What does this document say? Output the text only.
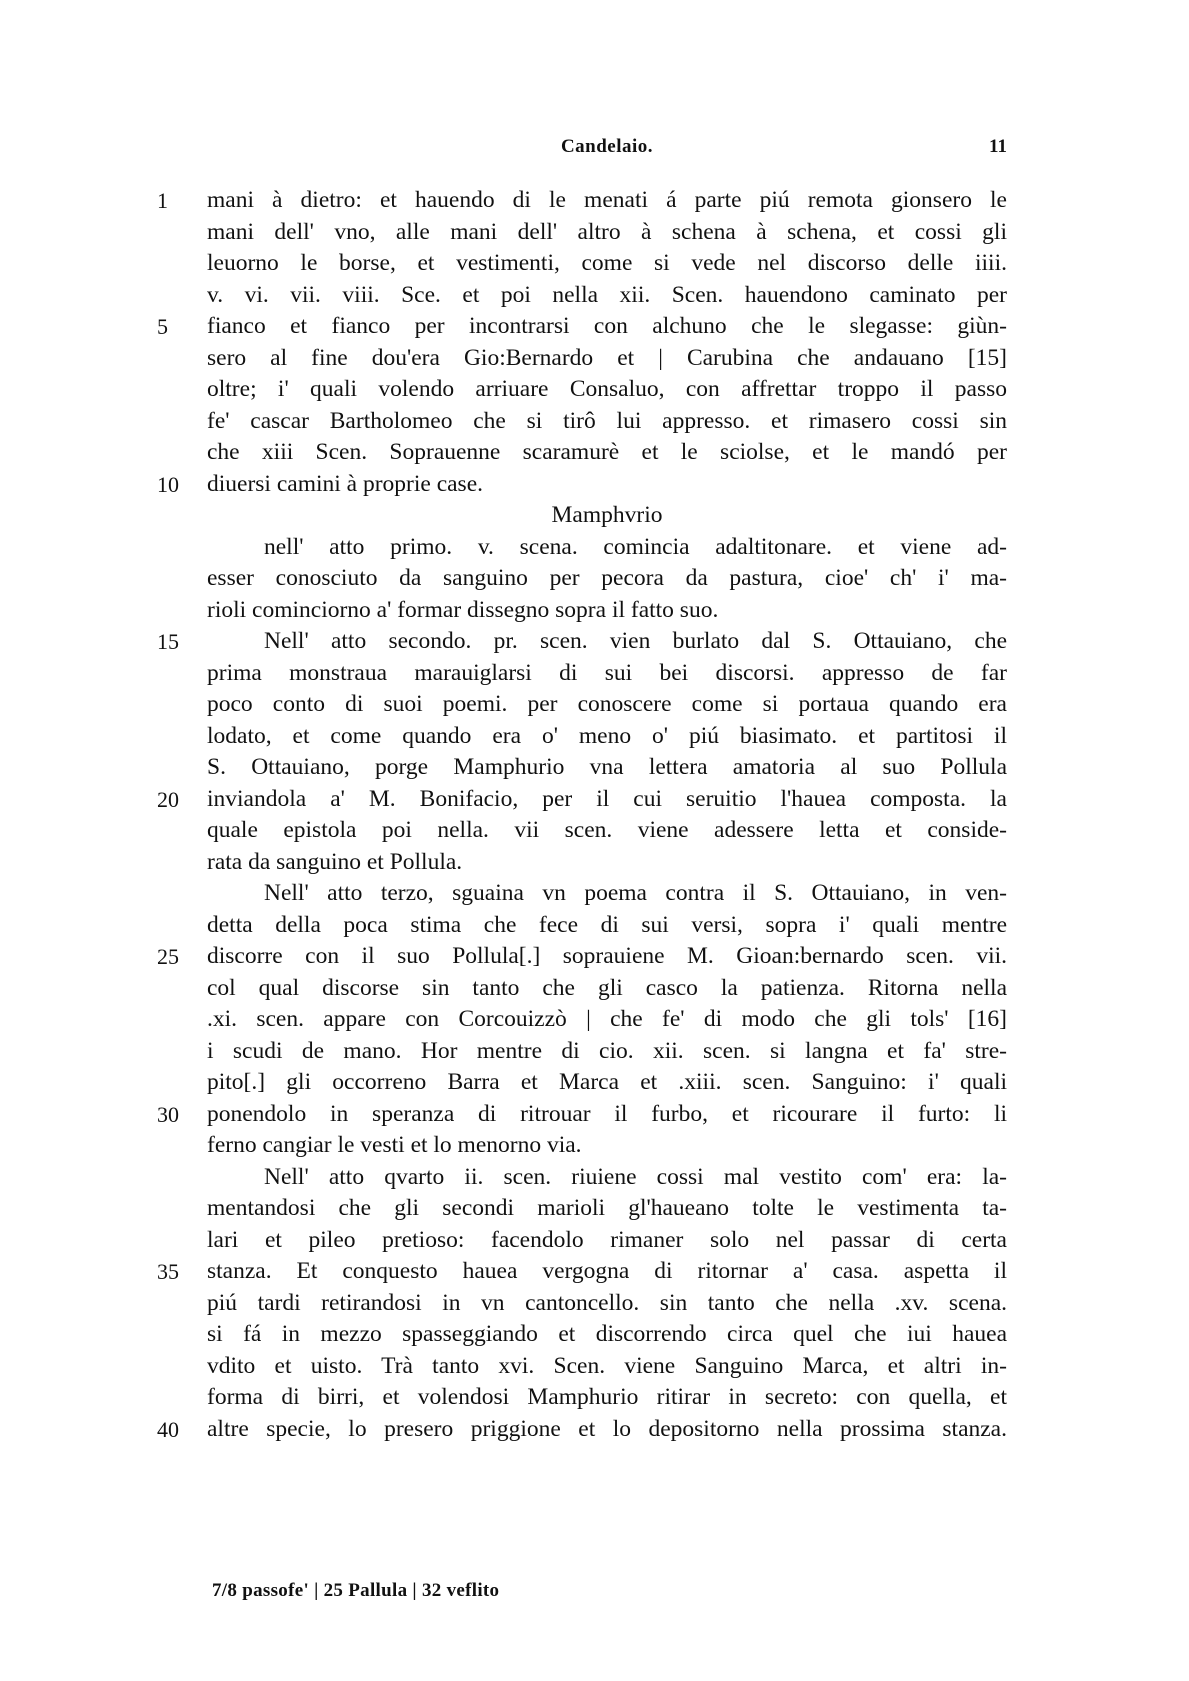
Candelaio.	11
1	mani à dietro: et hauendo di le menati á parte piú remota gionsero le
mani dell' vno, alle mani dell' altro à schena à schena, et cossi gli
leuorno le borse, et vestimenti, come si vede nel discorso delle iiii.
v. vi. vii. viii. Sce. et poi nella xii. Scen. hauendono caminato per
5	fianco et fianco per incontrarsi con alchuno che le slegasse: giùn-
sero al fine dou'era Gio:Bernardo et | Carubina che andauano [15]
oltre; i' quali volendo arriuare Consaluo, con affrettar troppo il passo
fe' cascar Bartholomeo che si tirô lui appresso. et rimasero cossi sin
che xiii Scen. Soprauenne scaramurè et le sciolse, et le mandó per
10	diuersi camini à proprie case.
Mamphvrio
nell' atto primo. v. scena. comincia adaltitonare. et viene ad-
esser conosciuto da sanguino per pecora da pastura, cioe' ch' i' ma-
rioli cominciorno a' formar dissegno sopra il fatto suo.
15	Nell' atto secondo. pr. scen. vien burlato dal S. Ottauiano, che
prima monstraua marauiglarsi di sui bei discorsi. appresso de far
poco conto di suoi poemi. per conoscere come si portaua quando era
lodato, et come quando era o' meno o' piú biasimato. et partitosi il
S. Ottauiano, porge Mamphurio vna lettera amatoria al suo Pollula
20	inviandola a' M. Bonifacio, per il cui seruitio l'hauea composta. la
quale epistola poi nella. vii scen. viene adessere letta et conside-
rata da sanguino et Pollula.
Nell' atto terzo, sguaina vn poema contra il S. Ottauiano, in ven-
detta della poca stima che fece di sui versi, sopra i' quali mentre
25	discorre con il suo Pollula[.] soprauiene M. Gioan:bernardo scen. vii.
col qual discorse sin tanto che gli casco la patienza. Ritorna nella
.xi. scen. appare con Corcouizzò | che fe' di modo che gli tols' [16]
i scudi de mano. Hor mentre di cio. xii. scen. si langna et fa' stre-
pito[.] gli occorreno Barra et Marca et .xiii. scen. Sanguino: i' quali
30	ponendolo in speranza di ritrouar il furbo, et ricourare il furto: li
ferno cangiar le vesti et lo menorno via.
Nell' atto qvarto ii. scen. riuiene cossi mal vestito com' era: la-
mentandosi che gli secondi marioli gl'haueano tolte le vestimenta ta-
lari et pileo pretioso: facendolo rimaner solo nel passar di certa
35	stanza. Et conquesto hauea vergogna di ritornar a' casa. aspetta il
piú tardi retirandosi in vn cantoncello. sin tanto che nella .xv. scena.
si fá in mezzo spasseggiando et discorrendo circa quel che iui hauea
vdito et uisto. Trà tanto xvi. Scen. viene Sanguino Marca, et altri in-
forma di birri, et volendosi Mamphurio ritirar in secreto: con quella, et
40	altre specie, lo presero priggione et lo depositorno nella prossima stanza.
7/8 passofe' | 25 Pallula | 32 veflito
